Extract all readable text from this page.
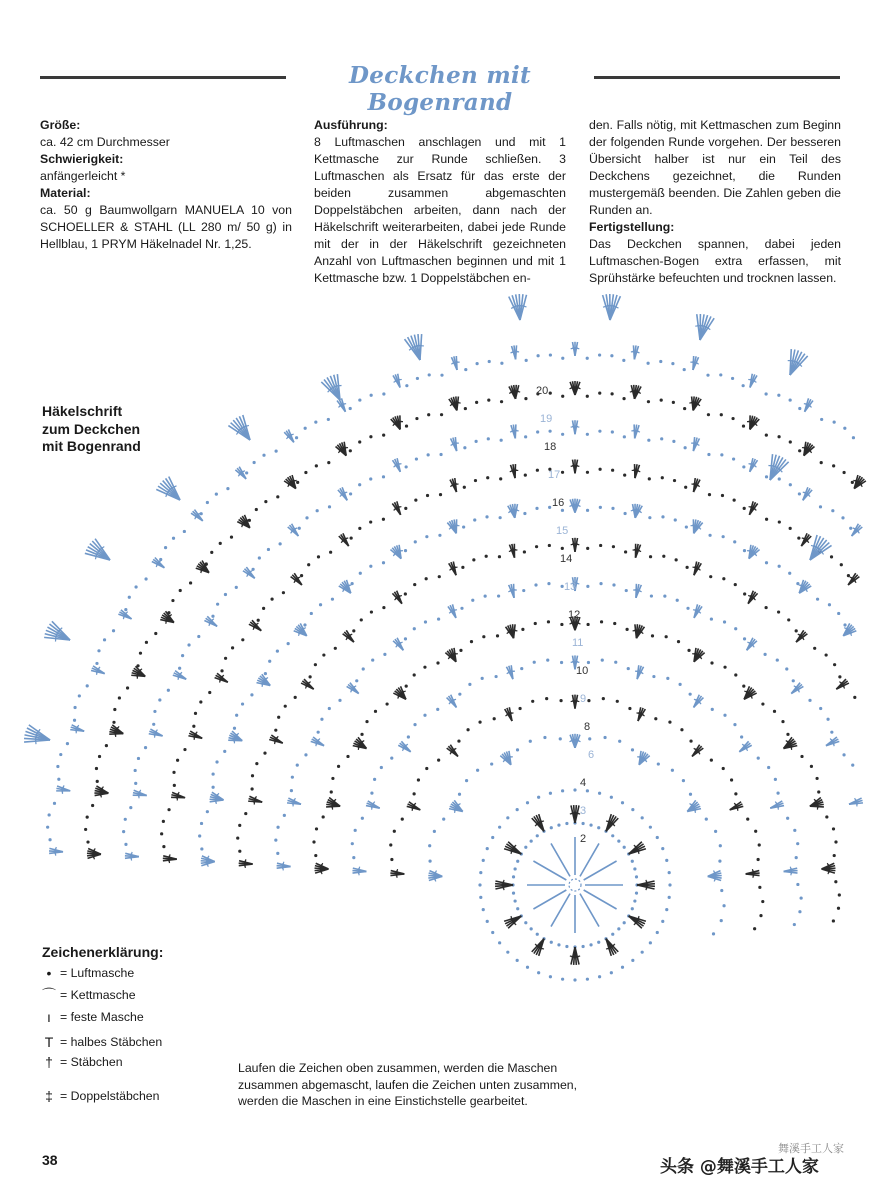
Deckchen mit Bogenrand
Größe:
ca. 42 cm Durchmesser
Schwierigkeit:
anfängerleicht *
Material:
ca. 50 g Baumwollgarn MANUELA 10 von SCHOELLER & STAHL (LL 280 m/ 50 g) in Hellblau, 1 PRYM Häkelnadel Nr. 1,25.
Ausführung:
8 Luftmaschen anschlagen und mit 1 Kettmasche zur Runde schließen. 3 Luftmaschen als Ersatz für das erste der beiden zusammen abgemaschten Doppelstäbchen arbeiten, dann nach der Häkelschrift weiterarbeiten, dabei jede Runde mit der in der Häkelschrift gezeichneten Anzahl von Luftmaschen beginnen und mit 1 Kettmasche bzw. 1 Doppelstäbchen en-
den. Falls nötig, mit Kettmaschen zum Beginn der folgenden Runde vorgehen. Der besseren Übersicht halber ist nur ein Teil des Deckchens gezeichnet, die Runden mustergemäß beenden. Die Zahlen geben die Runden an.
Fertigstellung:
Das Deckchen spannen, dabei jeden Luftmaschen-Bogen extra erfassen, mit Sprühstärke befeuchten und trocknen lassen.
Häkelschrift
zum Deckchen
mit Bogenrand
2
3
4
6
8
9
10
11
12
13
14
15
16
17
18
19
20
Zeichenerklärung:
• = Luftmasche
⌒ = Kettmasche
ı = feste Masche
T = halbes Stäbchen
† = Stäbchen
‡ = Doppelstäbchen
Laufen die Zeichen oben zusammen, werden die Maschen zusammen abgemascht, laufen die Zeichen unten zusammen, werden die Maschen in eine Einstichstelle gearbeitet.
38
舞溪手工人家
头条 @舞溪手工人家
